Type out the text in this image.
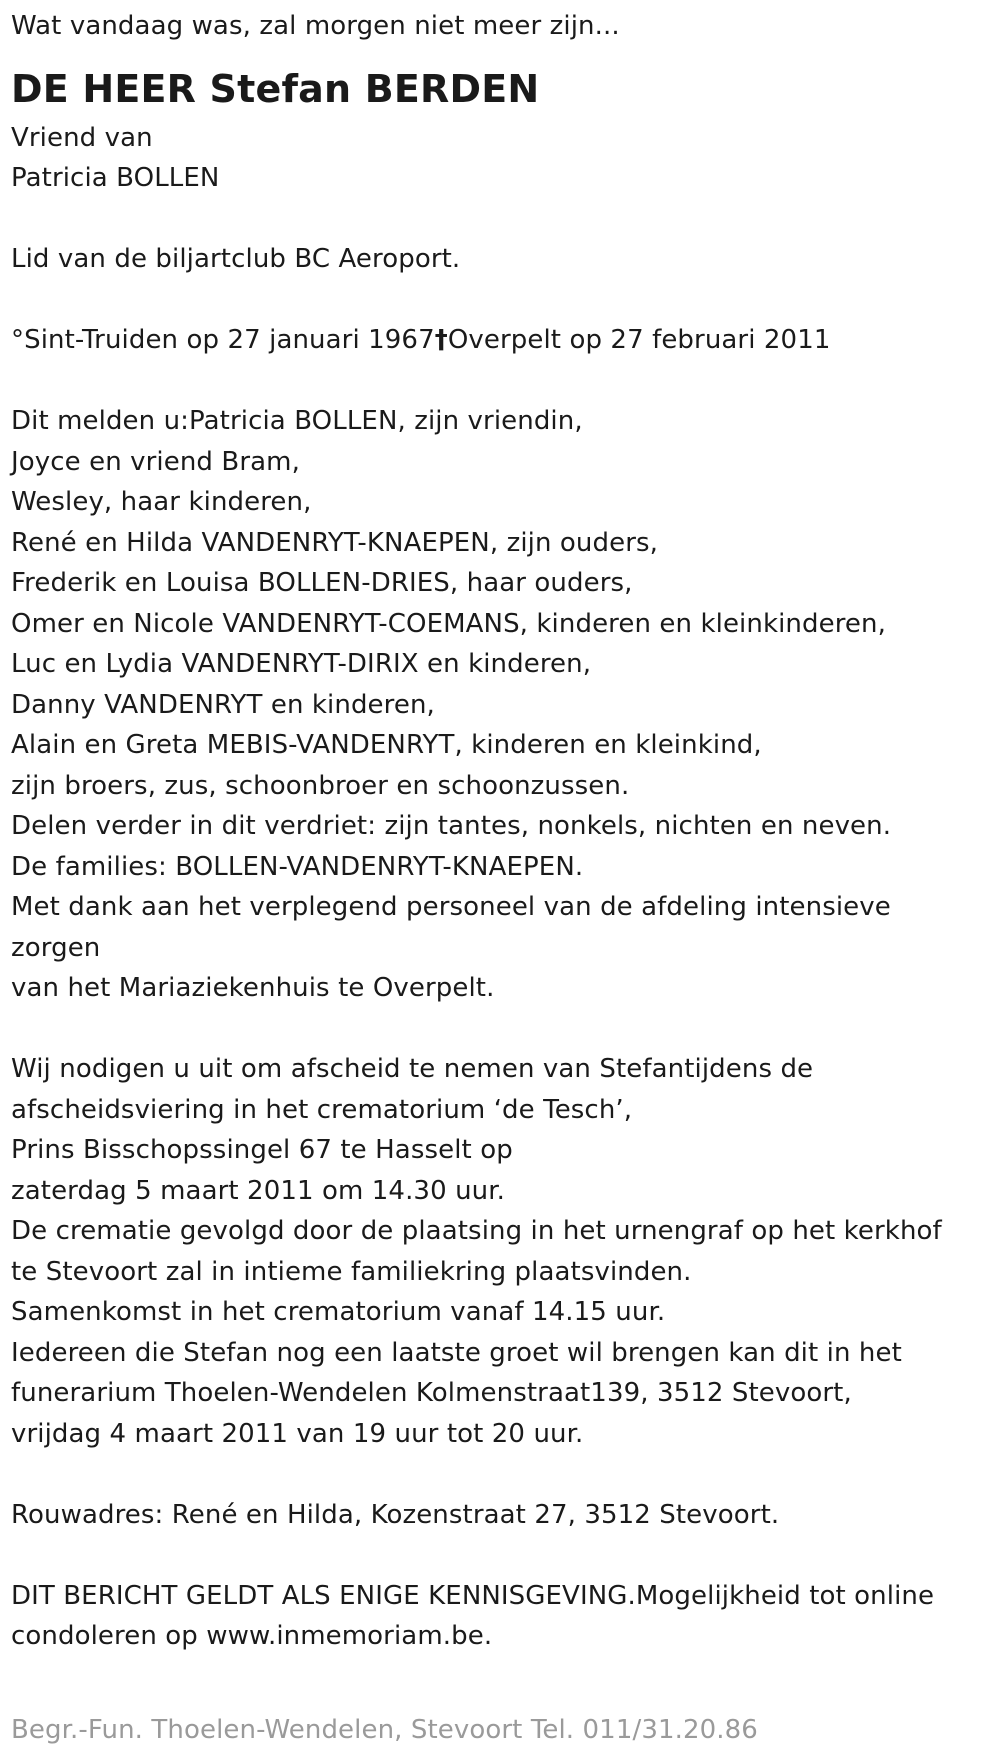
Wat vandaag was, zal morgen niet meer zijn...
DE HEER Stefan BERDEN
Vriend van
Patricia BOLLEN
Lid van de biljartclub BC Aeroport.
°Sint-Truiden op 27 januari 1967†Overpelt op 27 februari 2011
Dit melden u:Patricia BOLLEN, zijn vriendin,
Joyce en vriend Bram,
Wesley, haar kinderen,
René en Hilda VANDENRYT-KNAEPEN, zijn ouders,
Frederik en Louisa BOLLEN-DRIES, haar ouders,
Omer en Nicole VANDENRYT-COEMANS, kinderen en kleinkinderen,
Luc en Lydia VANDENRYT-DIRIX en kinderen,
Danny VANDENRYT en kinderen,
Alain en Greta MEBIS-VANDENRYT, kinderen en kleinkind,
zijn broers, zus, schoonbroer en schoonzussen.
Delen verder in dit verdriet: zijn tantes, nonkels, nichten en neven.
De families: BOLLEN-VANDENRYT-KNAEPEN.
Met dank aan het verplegend personeel van de afdeling intensieve
zorgen
van het Mariaziekenhuis te Overpelt.
Wij nodigen u uit om afscheid te nemen van Stefantijdens de
afscheidsviering in het crematorium ‘de Tesch’,
Prins Bisschopssingel 67 te Hasselt op
zaterdag 5 maart 2011 om 14.30 uur.
De crematie gevolgd door de plaatsing in het urnengraf op het kerkhof
te Stevoort zal in intieme familiekring plaatsvinden.
Samenkomst in het crematorium vanaf 14.15 uur.
Iedereen die Stefan nog een laatste groet wil brengen kan dit in het
funerarium Thoelen-Wendelen Kolmenstraat139, 3512 Stevoort,
vrijdag 4 maart 2011 van 19 uur tot 20 uur.
Rouwadres: René en Hilda, Kozenstraat 27, 3512 Stevoort.
DIT BERICHT GELDT ALS ENIGE KENNISGEVING.Mogelijkheid tot online
condoleren op www.inmemoriam.be.
Begr.-Fun. Thoelen-Wendelen, Stevoort Tel. 011/31.20.86
